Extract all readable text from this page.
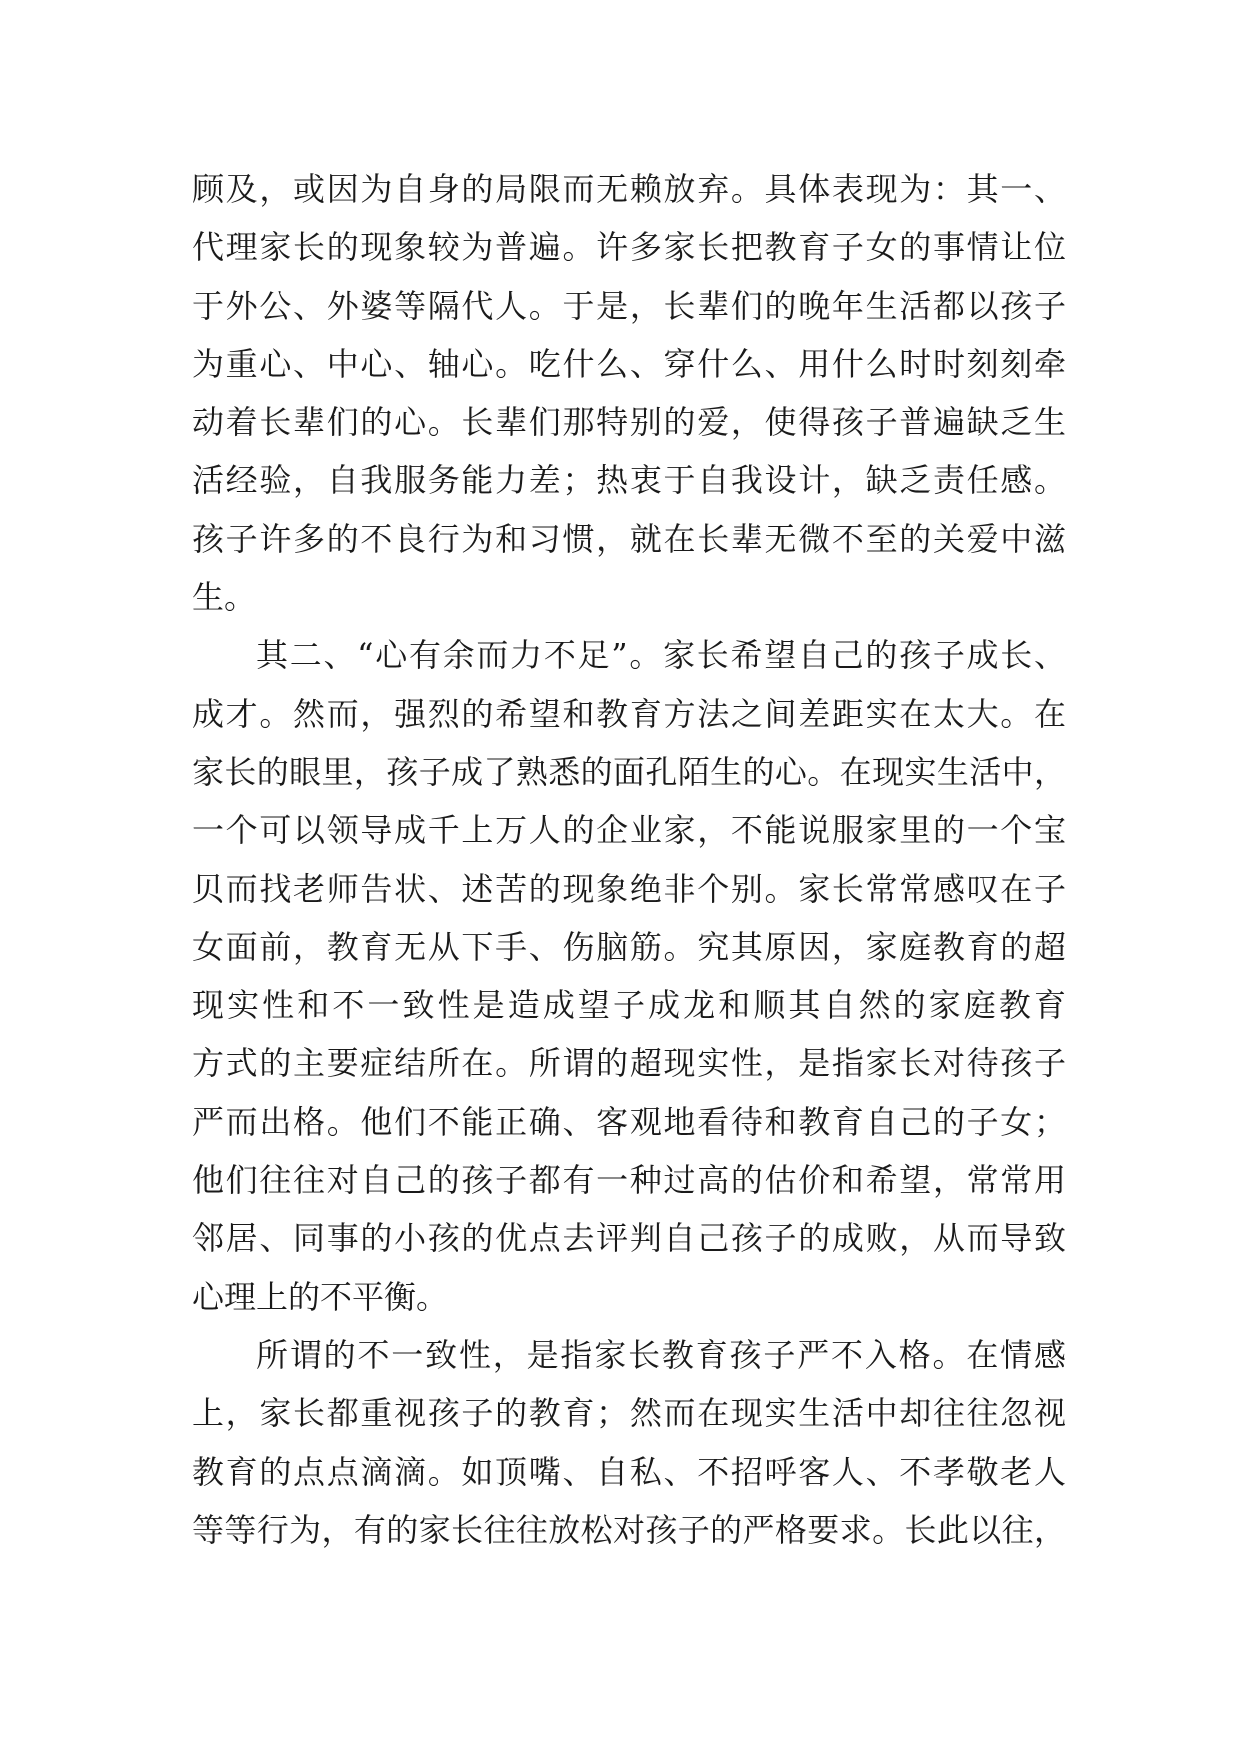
顾及，或因为自身的局限而无赖放弃。具体表现为：其一、
代理家长的现象较为普遍。许多家长把教育子女的事情让位
于外公、外婆等隔代人。于是，长辈们的晚年生活都以孩子
为重心、中心、轴心。吃什么、穿什么、用什么时时刻刻牵
动着长辈们的心。长辈们那特别的爱，使得孩子普遍缺乏生
活经验，自我服务能力差；热衷于自我设计，缺乏责任感。
孩子许多的不良行为和习惯，就在长辈无微不至的关爱中滋
生。
其二、“心有余而力不足”。家长希望自己的孩子成长、
成才。然而，强烈的希望和教育方法之间差距实在太大。在
家长的眼里，孩子成了熟悉的面孔陌生的心。在现实生活中，
一个可以领导成千上万人的企业家，不能说服家里的一个宝
贝而找老师告状、述苦的现象绝非个别。家长常常感叹在子
女面前，教育无从下手、伤脑筋。究其原因，家庭教育的超
现实性和不一致性是造成望子成龙和顺其自然的家庭教育
方式的主要症结所在。所谓的超现实性，是指家长对待孩子
严而出格。他们不能正确、客观地看待和教育自己的子女；
他们往往对自己的孩子都有一种过高的估价和希望，常常用
邻居、同事的小孩的优点去评判自己孩子的成败，从而导致
心理上的不平衡。
所谓的不一致性，是指家长教育孩子严不入格。在情感
上，家长都重视孩子的教育；然而在现实生活中却往往忽视
教育的点点滴滴。如顶嘴、自私、不招呼客人、不孝敬老人
等等行为，有的家长往往放松对孩子的严格要求。长此以往，
